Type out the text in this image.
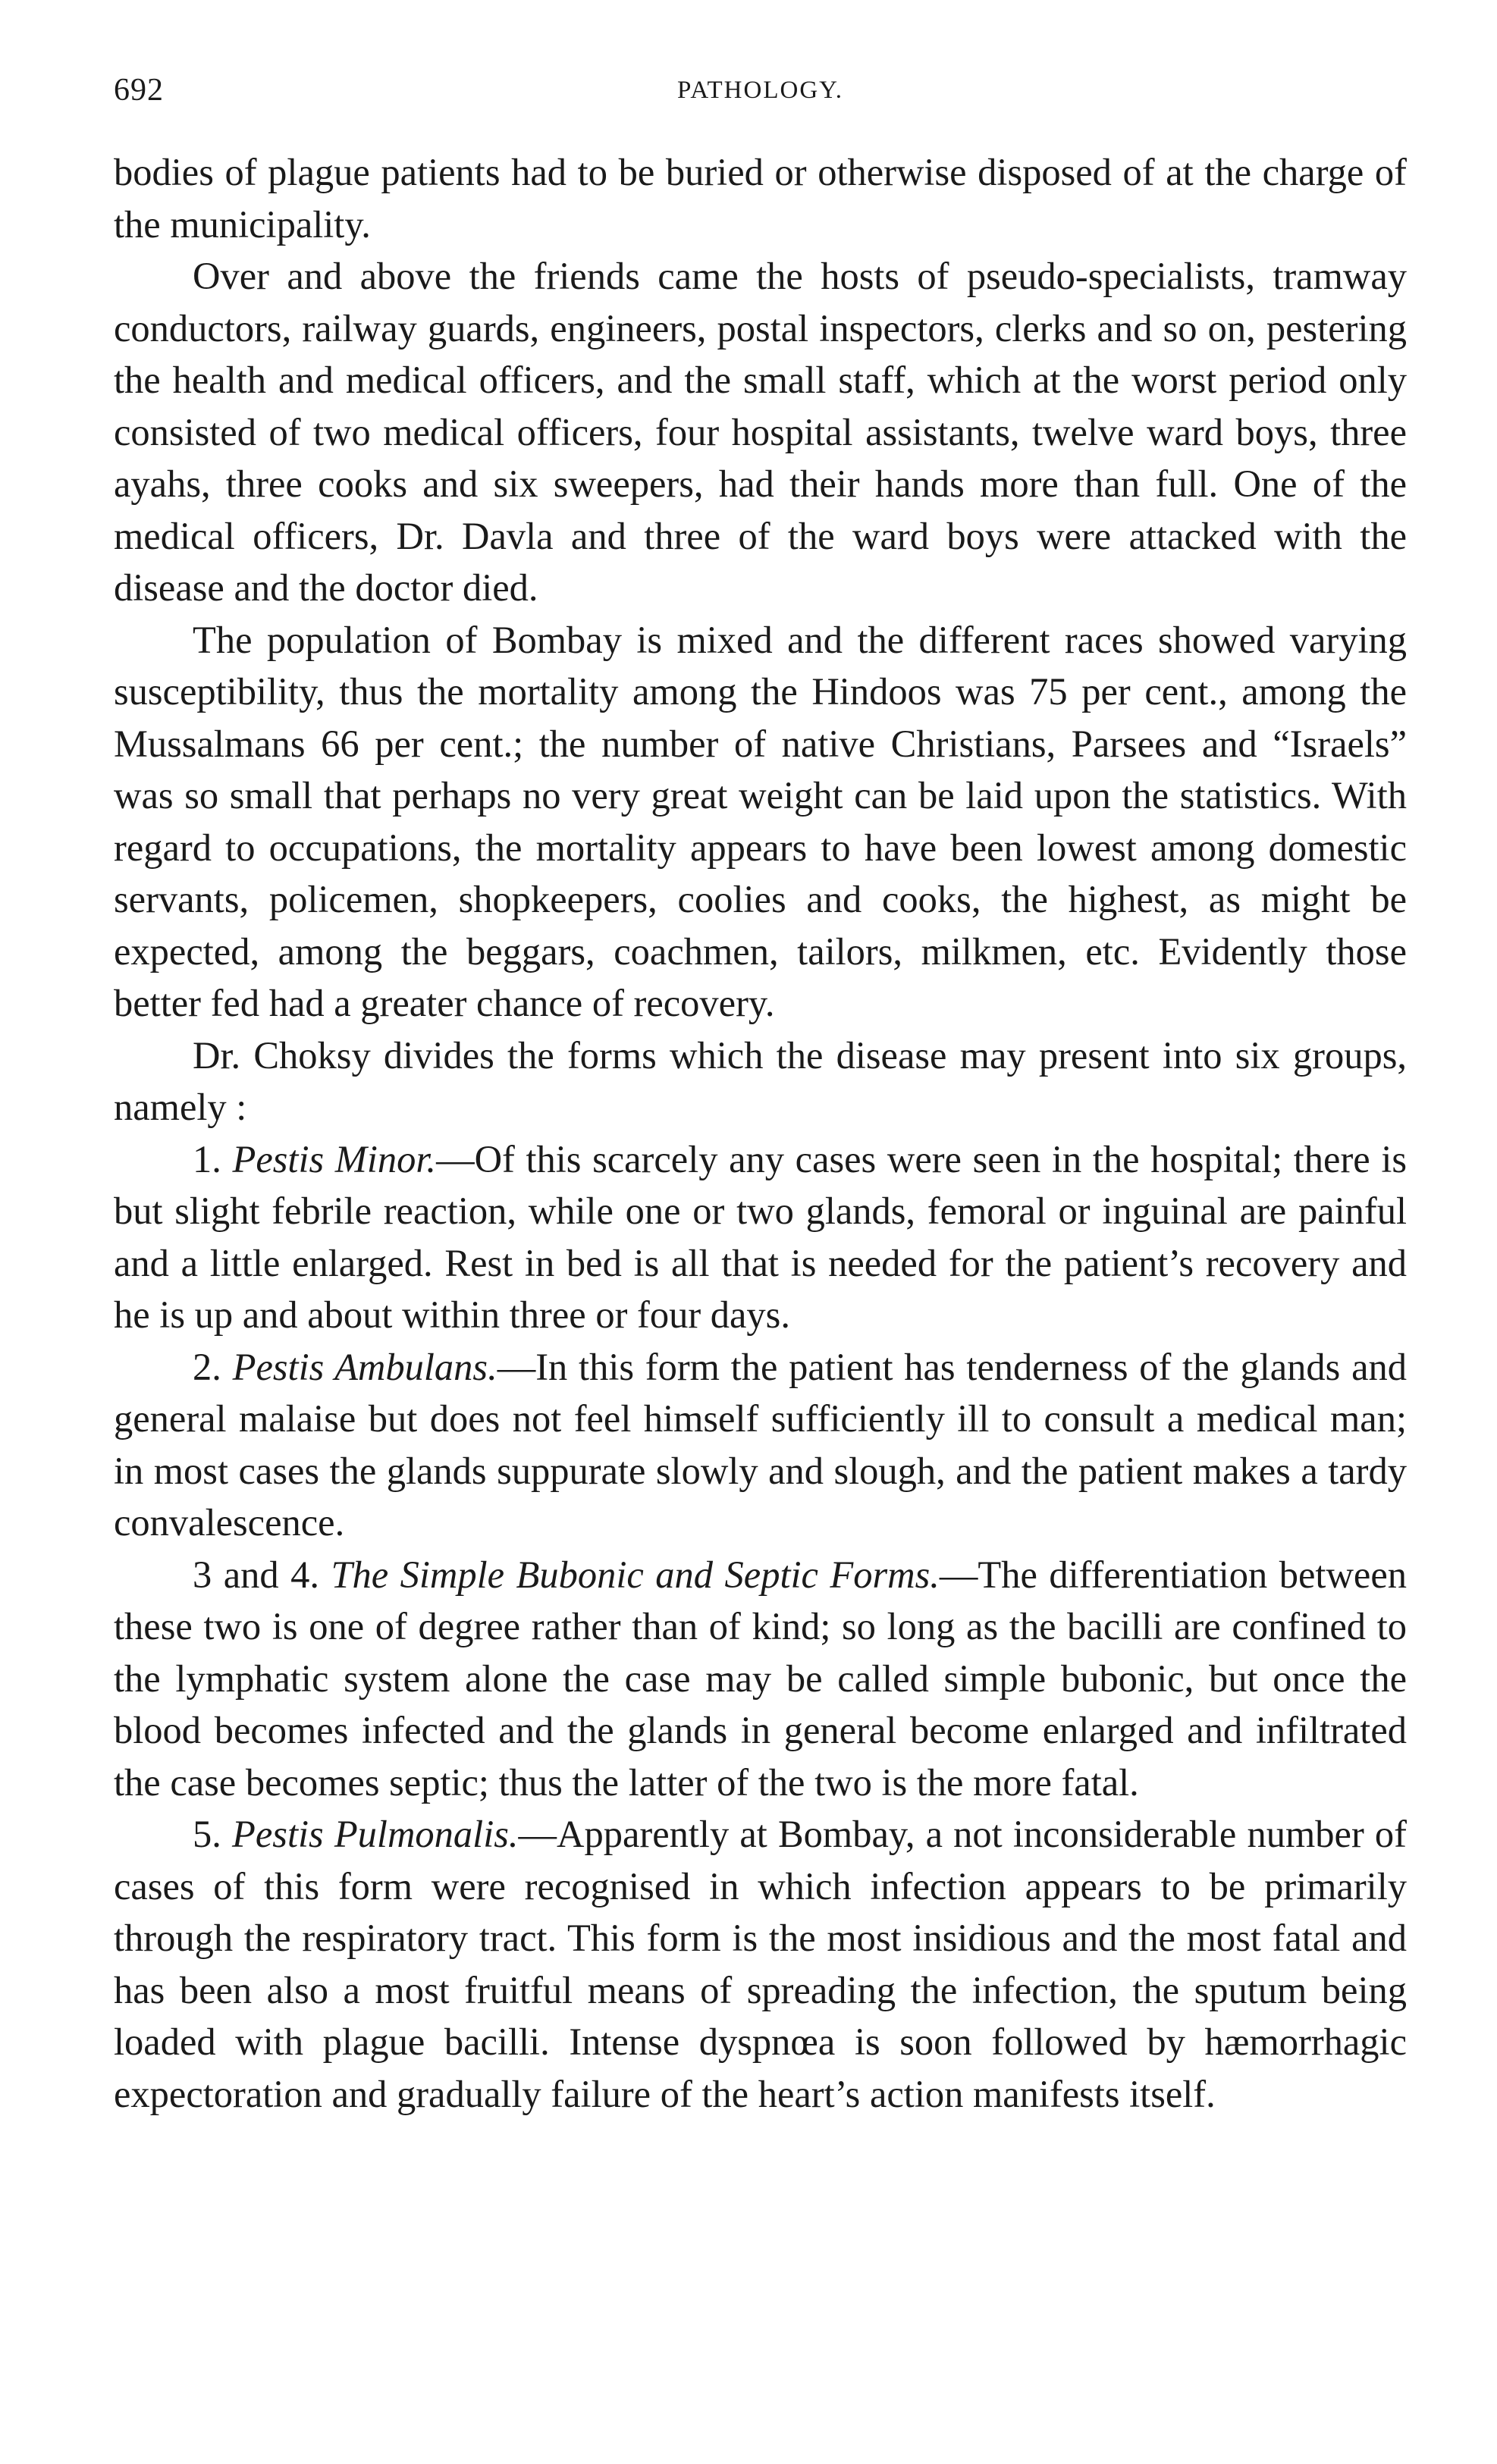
692	PATHOLOGY.

bodies of plague patients had to be buried or otherwise disposed of at the charge of the municipality.

Over and above the friends came the hosts of pseudo-specialists, tramway conductors, railway guards, engineers, postal inspectors, clerks and so on, pestering the health and medical officers, and the small staff, which at the worst period only consisted of two medical officers, four hospital assistants, twelve ward boys, three ayahs, three cooks and six sweepers, had their hands more than full. One of the medical officers, Dr. Davla and three of the ward boys were attacked with the disease and the doctor died.

The population of Bombay is mixed and the different races showed varying susceptibility, thus the mortality among the Hindoos was 75 per cent., among the Mussalmans 66 per cent.; the number of native Christians, Parsees and “Israels” was so small that perhaps no very great weight can be laid upon the statistics. With regard to occupations, the mortality appears to have been lowest among domestic servants, policemen, shopkeepers, coolies and cooks, the highest, as might be expected, among the beggars, coachmen, tailors, milkmen, etc. Evidently those better fed had a greater chance of recovery.

Dr. Choksy divides the forms which the disease may present into six groups, namely :

1. Pestis Minor.—Of this scarcely any cases were seen in the hospital; there is but slight febrile reaction, while one or two glands, femoral or inguinal are painful and a little enlarged. Rest in bed is all that is needed for the patient’s recovery and he is up and about within three or four days.

2. Pestis Ambulans.—In this form the patient has tenderness of the glands and general malaise but does not feel himself sufficiently ill to consult a medical man; in most cases the glands suppurate slowly and slough, and the patient makes a tardy convalescence.

3 and 4. The Simple Bubonic and Septic Forms.—The differentiation between these two is one of degree rather than of kind; so long as the bacilli are confined to the lymphatic system alone the case may be called simple bubonic, but once the blood becomes infected and the glands in general become enlarged and infiltrated the case becomes septic; thus the latter of the two is the more fatal.

5. Pestis Pulmonalis.—Apparently at Bombay, a not inconsiderable number of cases of this form were recognised in which infection appears to be primarily through the respiratory tract. This form is the most insidious and the most fatal and has been also a most fruitful means of spreading the infection, the sputum being loaded with plague bacilli. Intense dyspnœa is soon followed by hæmorrhagic expectoration and gradually failure of the heart’s action manifests itself.
